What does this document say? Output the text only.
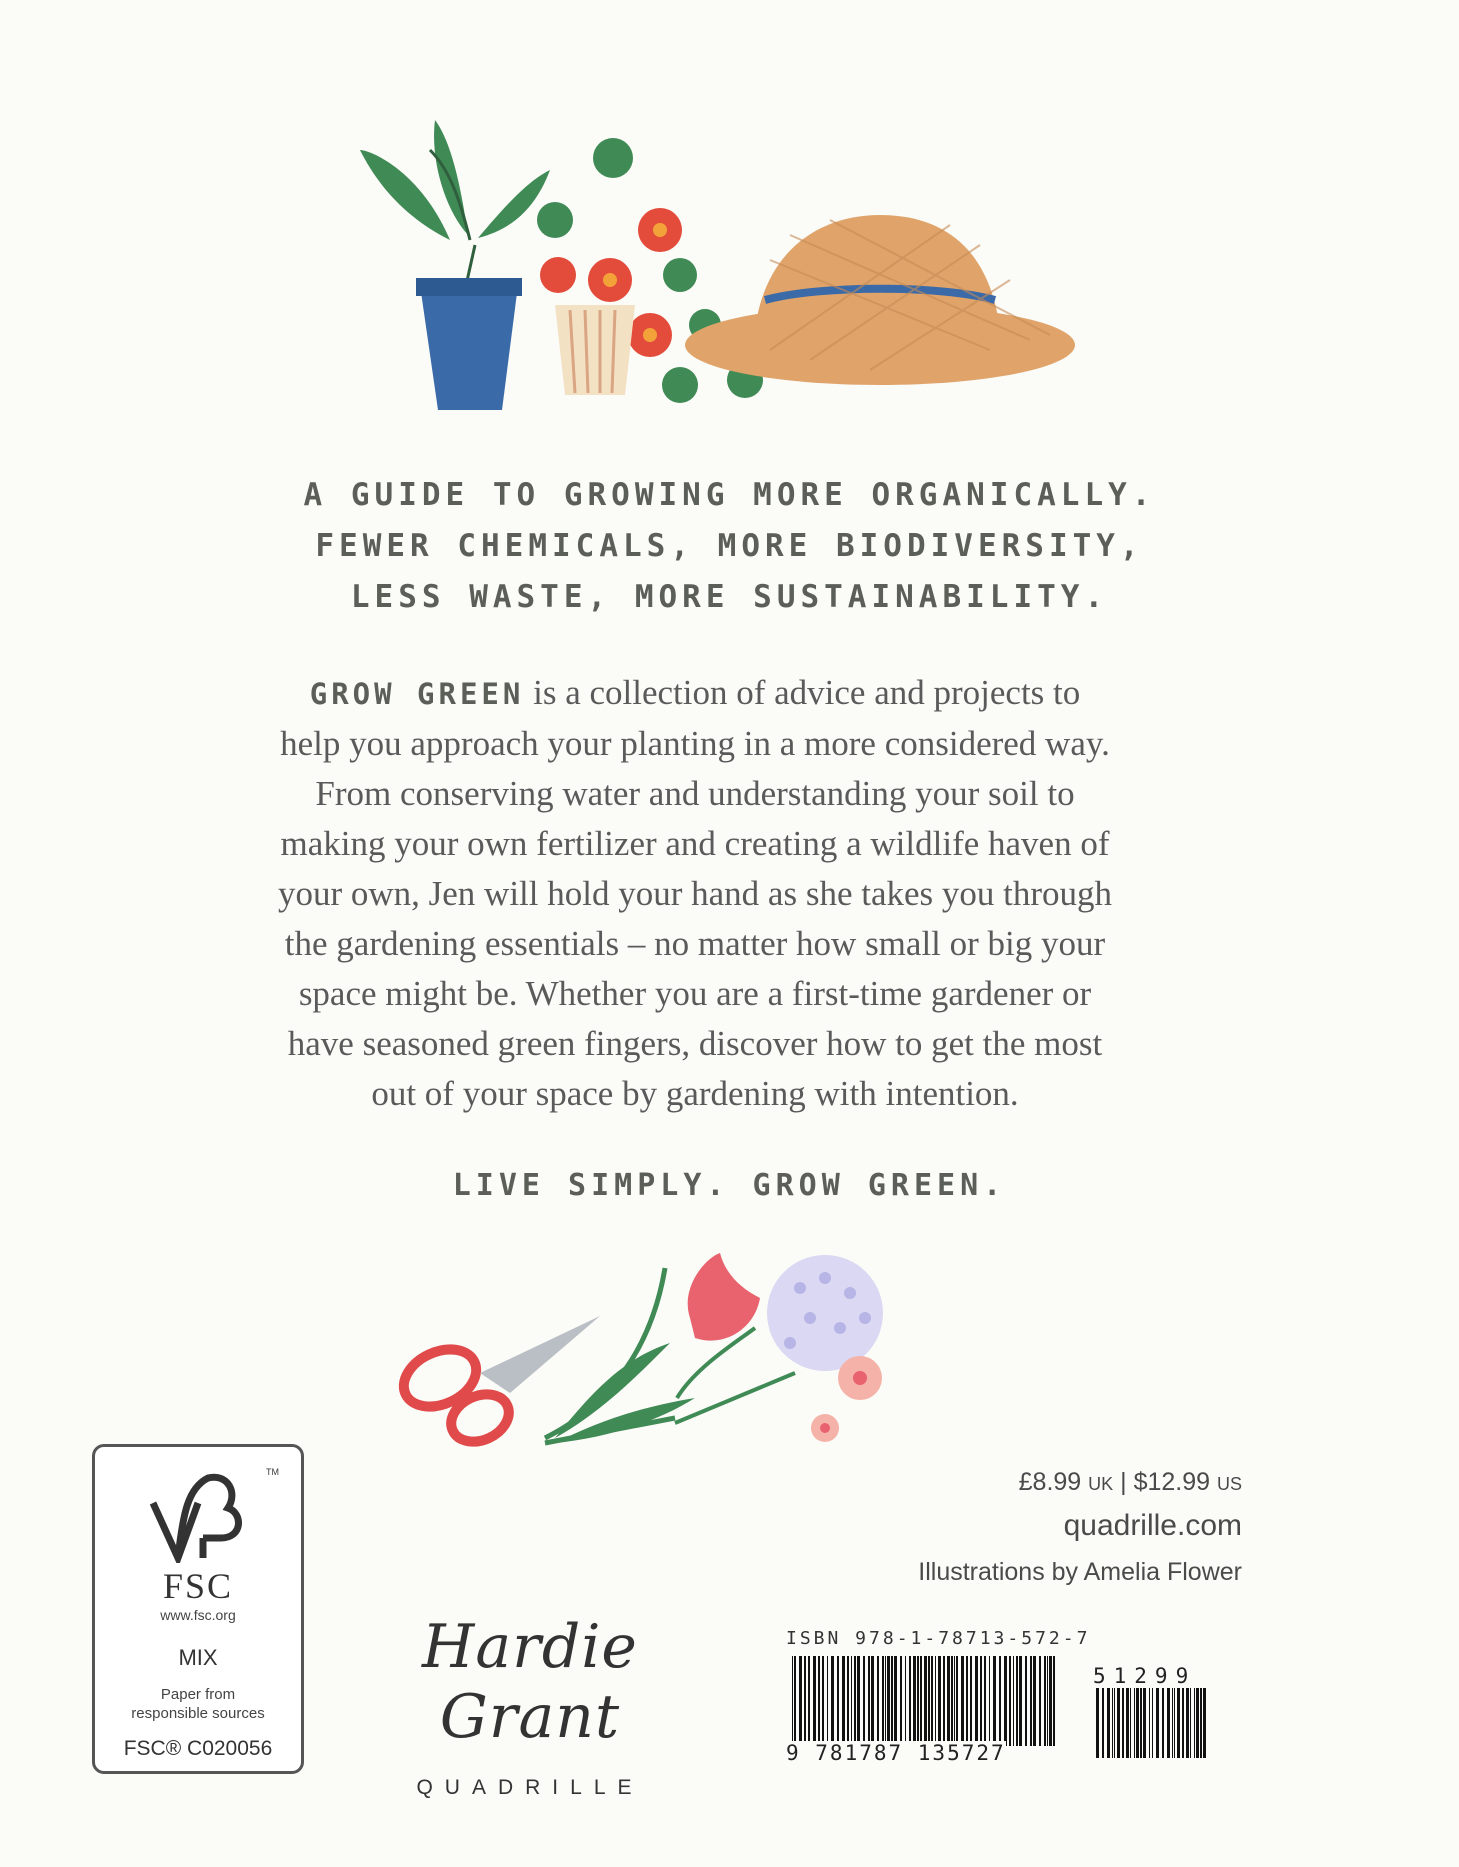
A GUIDE TO GROWING MORE ORGANICALLY.
FEWER CHEMICALS, MORE BIODIVERSITY,
LESS WASTE, MORE SUSTAINABILITY.
GROW GREEN is a collection of advice and projects to
help you approach your planting in a more considered way.
From conserving water and understanding your soil to
making your own fertilizer and creating a wildlife haven of
your own, Jen will hold your hand as she takes you through
the gardening essentials – no matter how small or big your
space might be. Whether you are a first-time gardener or
have seasoned green fingers, discover how to get the most
out of your space by gardening with intention.
LIVE SIMPLY. GROW GREEN.
TM
FSC
www.fsc.org
MIX
Paper from
responsible sources
FSC® C020056
£8.99 UK | $12.99 US
quadrille.com
Illustrations by Amelia Flower
Hardie Grant
QUADRILLE
ISBN 978-1-78713-572-7
9 781787 135727
51299
